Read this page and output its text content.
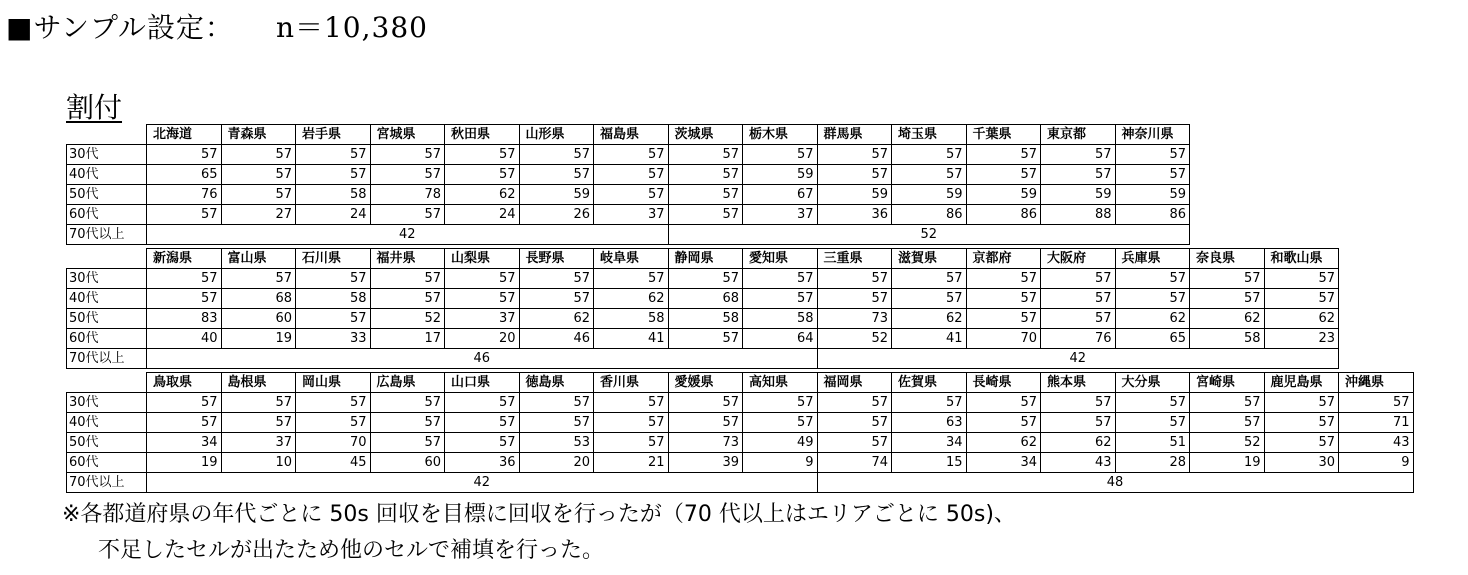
■サンプル設定： n＝10,380
割付
	北海道	青森県	岩手県	宮城県	秋田県	山形県	福島県	茨城県	栃木県	群馬県	埼玉県	千葉県	東京都	神奈川県
30代	57	57	57	57	57	57	57	57	57	57	57	57	57	57
40代	65	57	57	57	57	57	57	57	59	57	57	57	57	57
50代	76	57	58	78	62	59	57	57	67	59	59	59	59	59
60代	57	27	24	57	24	26	37	57	37	36	86	86	88	86
70代以上	42							52						
	新潟県	富山県	石川県	福井県	山梨県	長野県	岐阜県	静岡県	愛知県	三重県	滋賀県	京都府	大阪府	兵庫県	奈良県	和歌山県
30代	57	57	57	57	57	57	57	57	57	57	57	57	57	57	57	57
40代	57	68	58	57	57	57	62	68	57	57	57	57	57	57	57	57
50代	83	60	57	52	37	62	58	58	58	73	62	57	57	62	62	62
60代	40	19	33	17	20	46	41	57	64	52	41	70	76	65	58	23
70代以上	46									42						
	鳥取県	島根県	岡山県	広島県	山口県	徳島県	香川県	愛媛県	高知県	福岡県	佐賀県	長崎県	熊本県	大分県	宮崎県	鹿児島県	沖縄県
30代	57	57	57	57	57	57	57	57	57	57	57	57	57	57	57	57	57
40代	57	57	57	57	57	57	57	57	57	57	63	57	57	57	57	57	71
50代	34	37	70	57	57	53	57	73	49	57	34	62	62	51	52	57	43
60代	19	10	45	60	36	20	21	39	9	74	15	34	43	28	19	30	9
70代以上	42									48							
※各都道府県の年代ごとに 50s 回収を目標に回収を行ったが（70 代以上はエリアごとに 50s)、
不足したセルが出たため他のセルで補填を行った。
